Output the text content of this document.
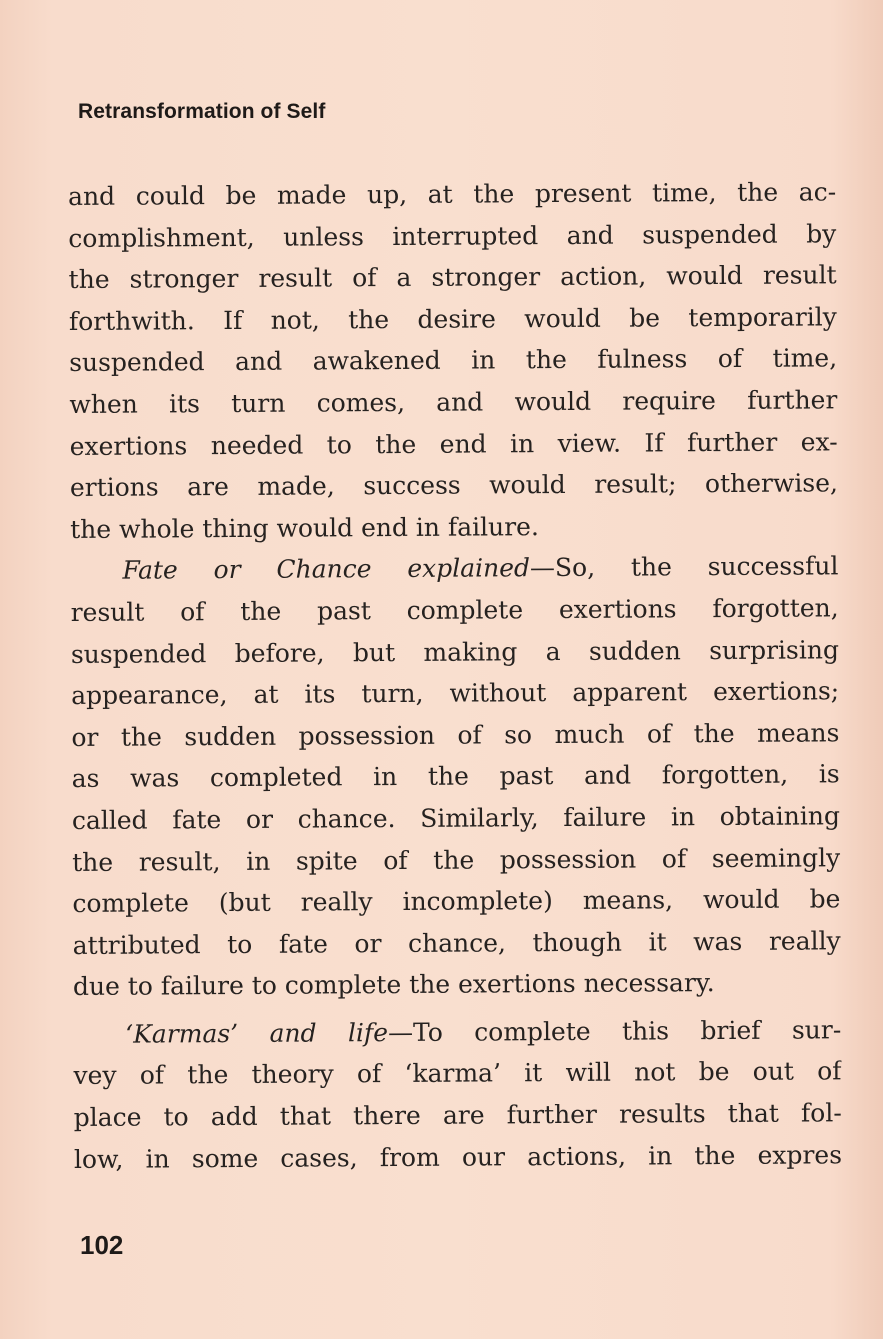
Retransformation of Self
and could be made up, at the present time, the ac-
complishment, unless interrupted and suspended by
the stronger result of a stronger action, would result
forthwith. If not, the desire would be temporarily
suspended and awakened in the fulness of time,
when its turn comes, and would require further
exertions needed to the end in view. If further ex-
ertions are made, success would result; otherwise,
the whole thing would end in failure.
Fate or Chance explained—So, the successful
result of the past complete exertions forgotten,
suspended before, but making a sudden surprising
appearance, at its turn, without apparent exertions;
or the sudden possession of so much of the means
as was completed in the past and forgotten, is
called fate or chance. Similarly, failure in obtaining
the result, in spite of the possession of seemingly
complete (but really incomplete) means, would be
attributed to fate or chance, though it was really
due to failure to complete the exertions necessary.
‘Karmas’ and life—To complete this brief sur-
vey of the theory of ‘karma’ it will not be out of
place to add that there are further results that fol-
low, in some cases, from our actions, in the expres
102
